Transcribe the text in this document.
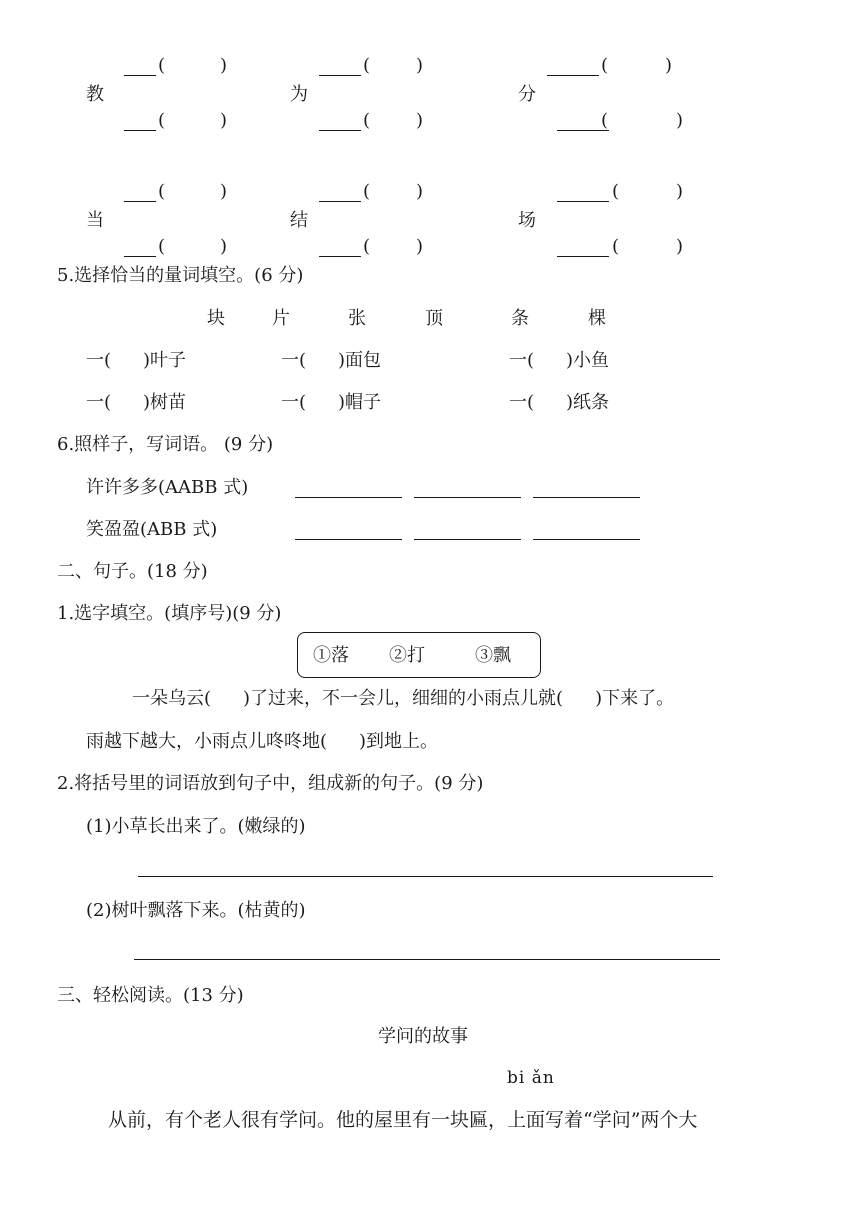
(	)	(	)	(	)
教	为	分
(	)	(	)	(	)
(	)	(	)	(	)
当	结	场
(	)	(	)	(	)
5.选择恰当的量词填空。(6 分)
块	片	张	顶	条	棵
一( )叶子	一( )面包	一( )小鱼
一( )树苗	一( )帽子	一( )纸条
6.照样子，写词语。 (9 分)
许许多多(AABB 式)
笑盈盈(ABB 式)
二、句子。(18 分)
1.选字填空。(填序号)(9 分)
①落 ②打	③飘
一朵乌云( )了过来，不一会儿，细细的小雨点儿就( )下来了。
雨越下越大，小雨点儿咚咚地( )到地上。
2.将括号里的词语放到句子中，组成新的句子。(9 分)
(1)小草长出来了。(嫩绿的)
(2)树叶飘落下来。(枯黄的)
三、轻松阅读。(13 分)
学问的故事
bi ǎn
从前，有个老人很有学问。他的屋里有一块匾，上面写着“学问”两个大
